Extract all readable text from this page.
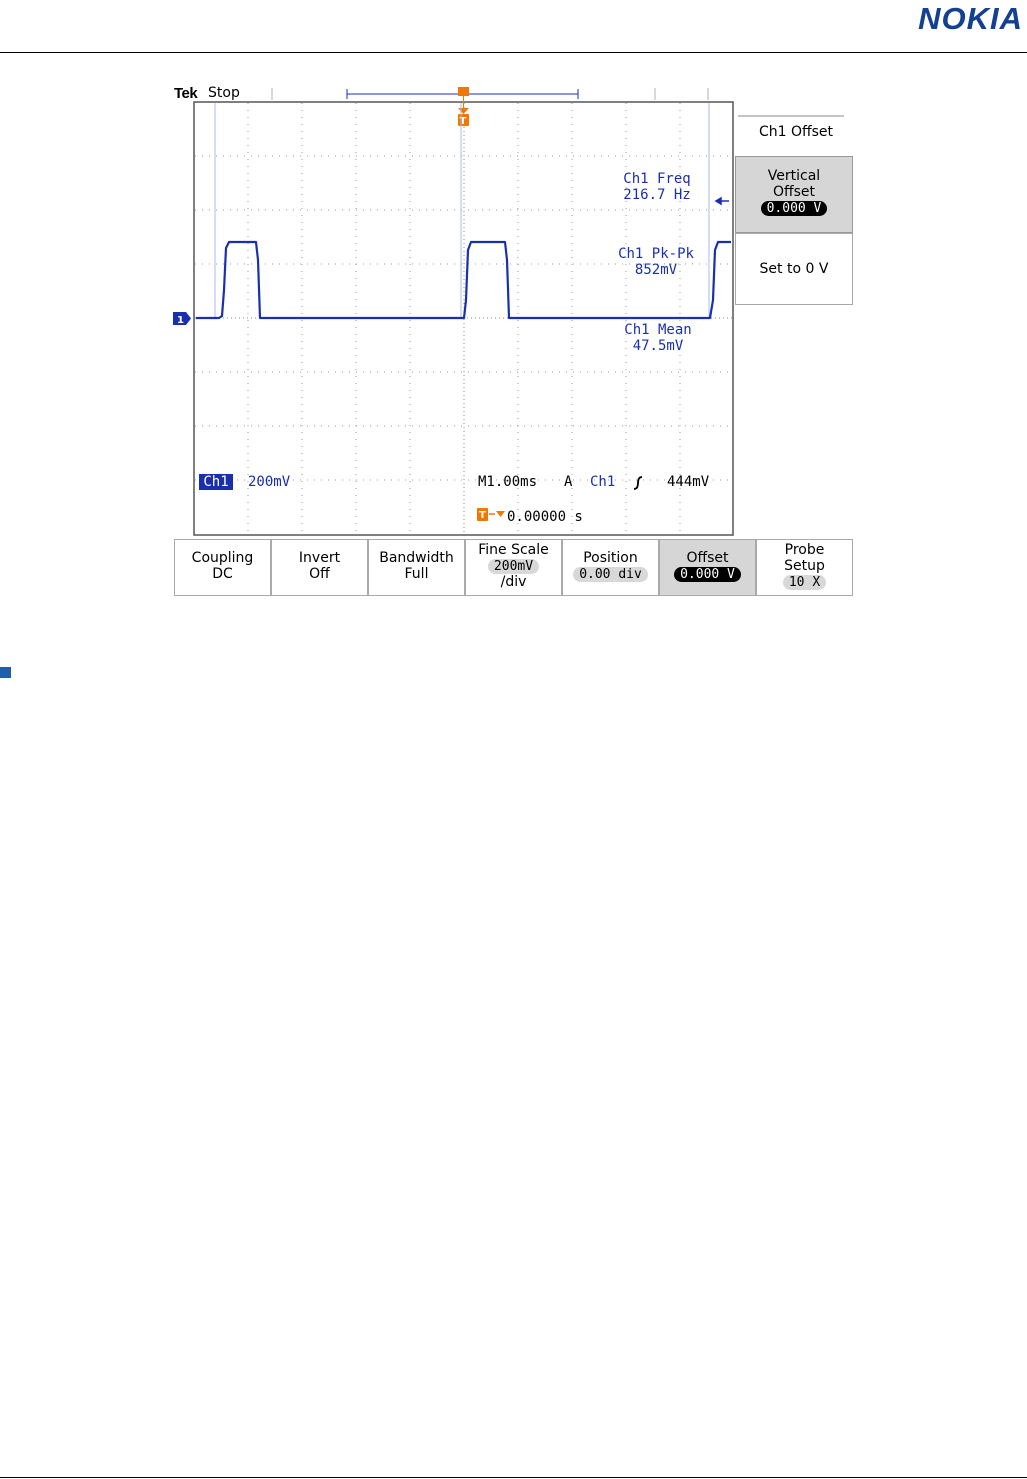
NOKIA
Tek Stop
T
1
T
Ch1 Freq
216.7 Hz
Ch1 Pk-Pk
852mV
Ch1 Mean
47.5mV
Ch1	200mV	M1.00ms	A	Ch1	444mV
0.00000 s
Ch1 Offset
Vertical
Offset
0.000 V
Set to 0 V
Coupling
DC
Invert
Off
Bandwidth
Full
Fine Scale
200mV
/div
Position
0.00 div
Offset
0.000 V
Probe
Setup
10 X
